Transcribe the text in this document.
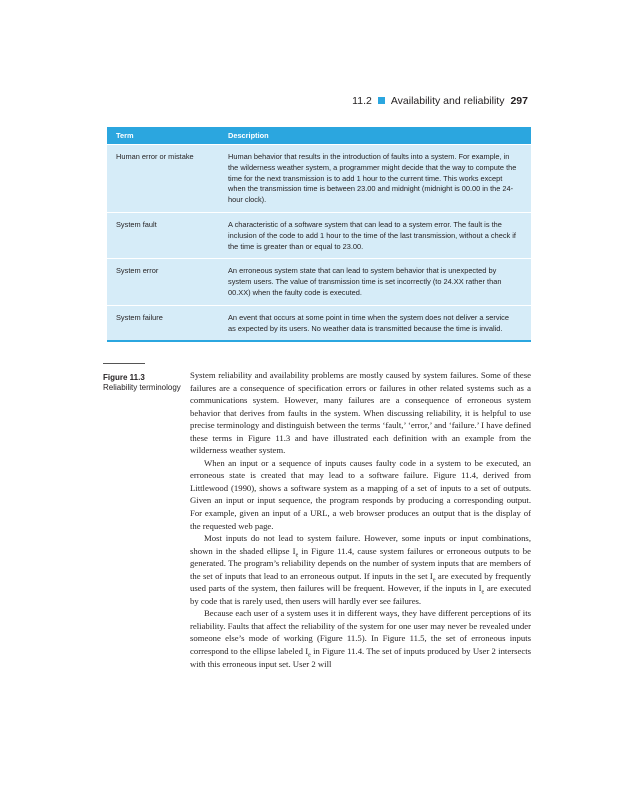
11.2 Availability and reliability 297
Term	Description
Human error or mistake	Human behavior that results in the introduction of faults into a system. For example, in the wilderness weather system, a programmer might decide that the way to compute the time for the next transmission is to add 1 hour to the current time. This works except when the transmission time is between 23.00 and midnight (midnight is 00.00 in the 24-hour clock).
System fault	A characteristic of a software system that can lead to a system error. The fault is the inclusion of the code to add 1 hour to the time of the last transmission, without a check if the time is greater than or equal to 23.00.
System error	An erroneous system state that can lead to system behavior that is unexpected by system users. The value of transmission time is set incorrectly (to 24.XX rather than 00.XX) when the faulty code is executed.
System failure	An event that occurs at some point in time when the system does not deliver a service as expected by its users. No weather data is transmitted because the time is invalid.
Figure 11.3
Reliability terminology

System reliability and availability problems are mostly caused by system failures. Some of these failures are a consequence of specification errors or failures in other related systems such as a communications system. However, many failures are a consequence of erroneous system behavior that derives from faults in the system. When discussing reliability, it is helpful to use precise terminology and distinguish between the terms ‘fault,’ ‘error,’ and ‘failure.’ I have defined these terms in Figure 11.3 and have illustrated each definition with an example from the wilderness weather system.

When an input or a sequence of inputs causes faulty code in a system to be executed, an erroneous state is created that may lead to a software failure. Figure 11.4, derived from Littlewood (1990), shows a software system as a mapping of a set of inputs to a set of outputs. Given an input or input sequence, the program responds by producing a corresponding output. For example, given an input of a URL, a web browser produces an output that is the display of the requested web page.

Most inputs do not lead to system failure. However, some inputs or input combinations, shown in the shaded ellipse $I_e$ in Figure 11.4, cause system failures or erroneous outputs to be generated. The program’s reliability depends on the number of system inputs that are members of the set of inputs that lead to an erroneous output. If inputs in the set $I_e$ are executed by frequently used parts of the system, then failures will be frequent. However, if the inputs in $I_e$ are executed by code that is rarely used, then users will hardly ever see failures.

Because each user of a system uses it in different ways, they have different perceptions of its reliability. Faults that affect the reliability of the system for one user may never be revealed under someone else’s mode of working (Figure 11.5). In Figure 11.5, the set of erroneous inputs correspond to the ellipse labeled $I_e$ in Figure 11.4. The set of inputs produced by User 2 intersects with this erroneous input set. User 2 will
